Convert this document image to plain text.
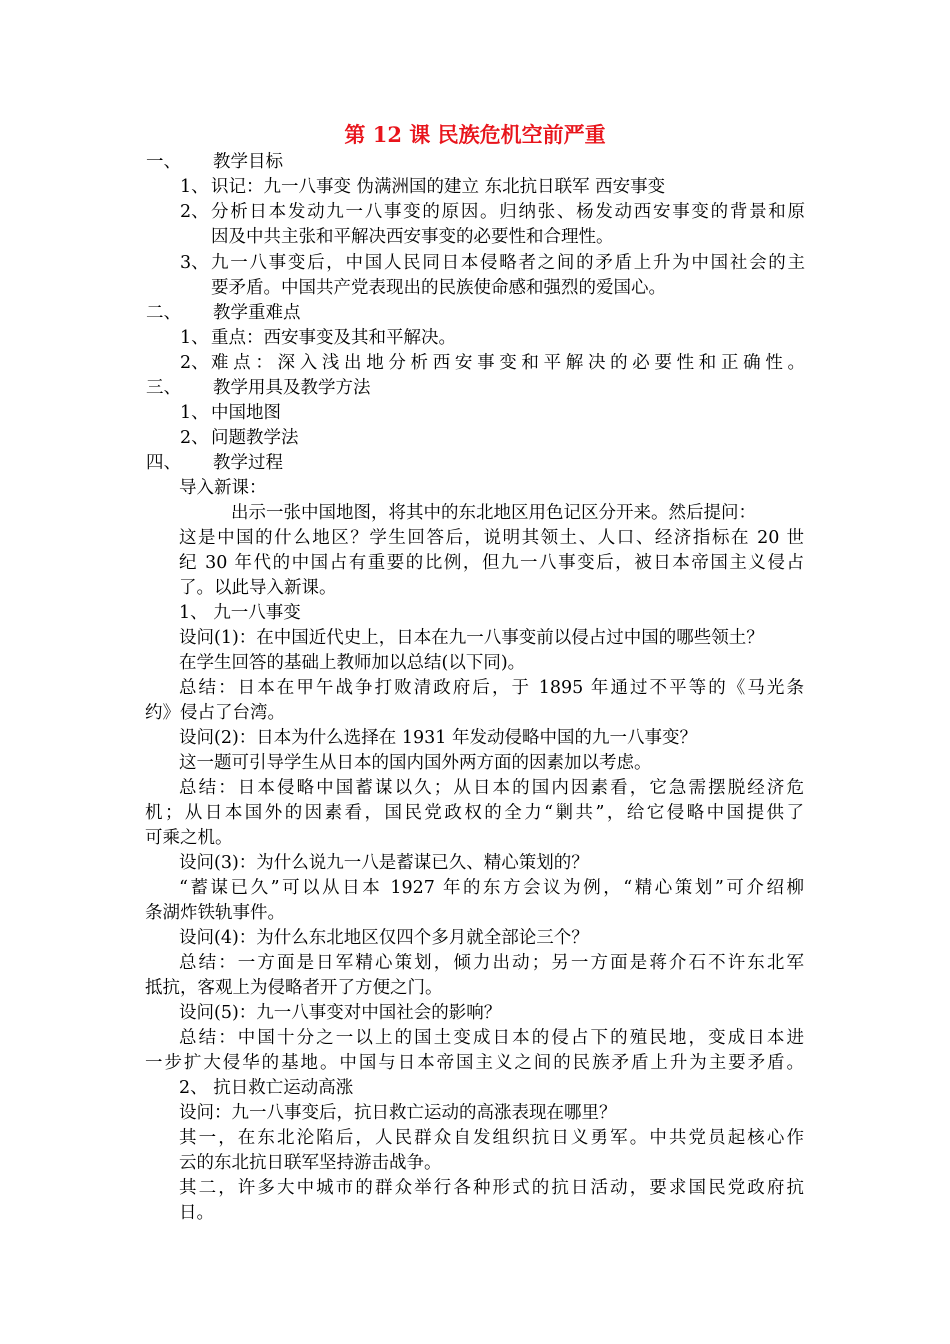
第 12 课 民族危机空前严重
一、 教学目标
1、 识记：九一八事变 伪满洲国的建立 东北抗日联军 西安事变
2、 分析日本发动九一八事变的原因。归纳张、杨发动西安事变的背景和原
因及中共主张和平解决西安事变的必要性和合理性。
3、 九一八事变后，中国人民同日本侵略者之间的矛盾上升为中国社会的主
要矛盾。中国共产党表现出的民族使命感和强烈的爱国心。
二、 教学重难点
1、 重点：西安事变及其和平解决。
2、 难点：深入浅出地分析西安事变和平解决的必要性和正确性。
三、 教学用具及教学方法
1、 中国地图
2、 问题教学法
四、 教学过程
导入新课：
出示一张中国地图，将其中的东北地区用色记区分开来。然后提问：
这是中国的什么地区？学生回答后，说明其领土、人口、经济指标在 20 世
纪 30 年代的中国占有重要的比例，但九一八事变后，被日本帝国主义侵占
了。以此导入新课。
1、 九一八事变
设问(1)：在中国近代史上，日本在九一八事变前以侵占过中国的哪些领土？
在学生回答的基础上教师加以总结(以下同)。
总结：日本在甲午战争打败清政府后，于 1895 年通过不平等的《马光条
约》侵占了台湾。
设问(2)：日本为什么选择在 1931 年发动侵略中国的九一八事变？
这一题可引导学生从日本的国内国外两方面的因素加以考虑。
总结：日本侵略中国蓄谋以久；从日本的国内因素看，它急需摆脱经济危
机；从日本国外的因素看，国民党政权的全力“剿共”，给它侵略中国提供了
可乘之机。
设问(3)：为什么说九一八是蓄谋已久、精心策划的？
“蓄谋已久”可以从日本 1927 年的东方会议为例，“精心策划”可介绍柳
条湖炸铁轨事件。
设问(4)：为什么东北地区仅四个多月就全部论三个？
总结：一方面是日军精心策划，倾力出动；另一方面是蒋介石不许东北军
抵抗，客观上为侵略者开了方便之门。
设问(5)：九一八事变对中国社会的影响？
总结：中国十分之一以上的国土变成日本的侵占下的殖民地，变成日本进
一步扩大侵华的基地。中国与日本帝国主义之间的民族矛盾上升为主要矛盾。
2、 抗日救亡运动高涨
设问：九一八事变后，抗日救亡运动的高涨表现在哪里？
其一，在东北沦陷后，人民群众自发组织抗日义勇军。中共党员起核心作
云的东北抗日联军坚持游击战争。
其二，许多大中城市的群众举行各种形式的抗日活动，要求国民党政府抗
日。
